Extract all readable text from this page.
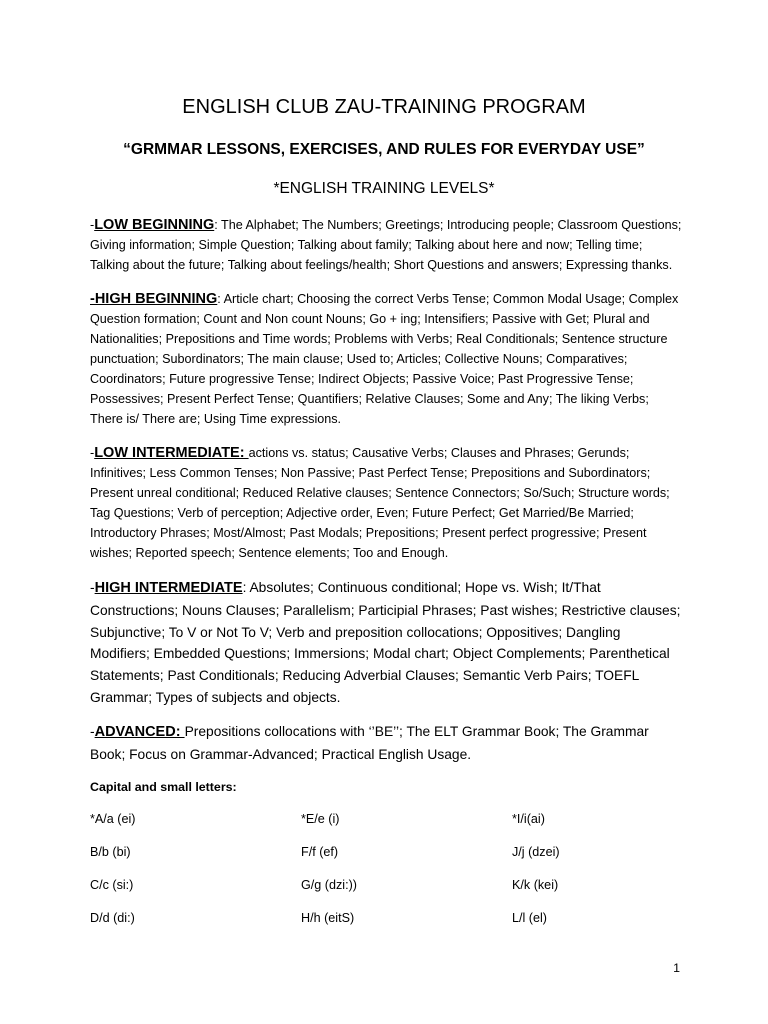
ENGLISH CLUB ZAU-TRAINING PROGRAM
“GRMMAR LESSONS, EXERCISES, AND RULES FOR EVERYDAY USE”
*ENGLISH TRAINING LEVELS*

-LOW BEGINNING: The Alphabet; The Numbers; Greetings; Introducing people; Classroom Questions; Giving information; Simple Question; Talking about family; Talking about here and now; Telling time; Talking about the future; Talking about feelings/health; Short Questions and answers; Expressing thanks.

-HIGH BEGINNING: Article chart; Choosing the correct Verbs Tense; Common Modal Usage; Complex Question formation; Count and Non count Nouns; Go + ing; Intensifiers; Passive with Get; Plural and Nationalities; Prepositions and Time words; Problems with Verbs; Real Conditionals; Sentence structure punctuation; Subordinators; The main clause; Used to; Articles; Collective Nouns; Comparatives; Coordinators; Future progressive Tense; Indirect Objects; Passive Voice; Past Progressive Tense; Possessives; Present Perfect Tense; Quantifiers; Relative Clauses; Some and Any; The liking Verbs; There is/ There are; Using Time expressions.

-LOW INTERMEDIATE: actions vs. status; Causative Verbs; Clauses and Phrases; Gerunds; Infinitives; Less Common Tenses; Non Passive; Past Perfect Tense; Prepositions and Subordinators; Present unreal conditional; Reduced Relative clauses; Sentence Connectors; So/Such; Structure words; Tag Questions; Verb of perception; Adjective order, Even; Future Perfect; Get Married/Be Married; Introductory Phrases; Most/Almost; Past Modals; Prepositions; Present perfect progressive; Present wishes; Reported speech; Sentence elements; Too and Enough.

-HIGH INTERMEDIATE: Absolutes; Continuous conditional; Hope vs. Wish; It/That Constructions; Nouns Clauses; Parallelism; Participial Phrases; Past wishes; Restrictive clauses; Subjunctive; To V or Not To V; Verb and preposition collocations; Oppositives; Dangling Modifiers; Embedded Questions; Immersions; Modal chart; Object Complements; Parenthetical Statements; Past Conditionals; Reducing Adverbial Clauses; Semantic Verb Pairs; TOEFL Grammar; Types of subjects and objects.

-ADVANCED: Prepositions collocations with ‘’BE’’; The ELT Grammar Book; The Grammar Book; Focus on Grammar-Advanced; Practical English Usage.

Capital and small letters:
*A/a (ei)	*E/e (i)	*I/i(ai)
B/b (bi)	F/f (ef)	J/j (dzei)
C/c (si:)	G/g (dzi:))	K/k (kei)
D/d (di:)	H/h (eitS)	L/l (el)
1
